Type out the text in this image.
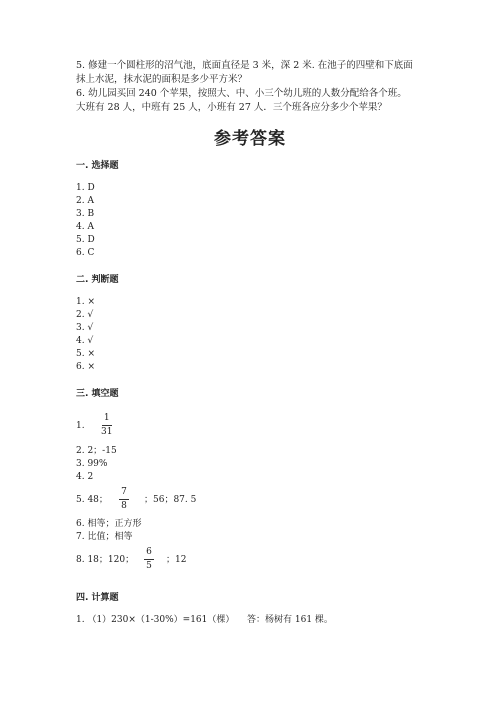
5. 修建一个圆柱形的沼气池，底面直径是 3 米，深 2 米. 在池子的四壁和下底面
抹上水泥，抹水泥的面积是多少平方米？
6. 幼儿园买回 240 个苹果，按照大、中、小三个幼儿班的人数分配给各个班。
大班有 28 人，中班有 25 人，小班有 27 人．三个班各应分多少个苹果？
参考答案
一. 选择题
1. D
2. A
3. B
4. A
5. D
6. C
二. 判断题
1. ×
2. √
3. √
4. √
5. ×
6. ×
三. 填空题
1.
1
31
2. 2；-15
3. 99%
4. 2
5. 48；
7
8
；56；87. 5
6. 相等；正方形
7. 比值；相等
8. 18；120；
6
5
；12
四. 计算题
1. （1）230×（1-30%）=161（棵） 答：杨树有 161 棵。
